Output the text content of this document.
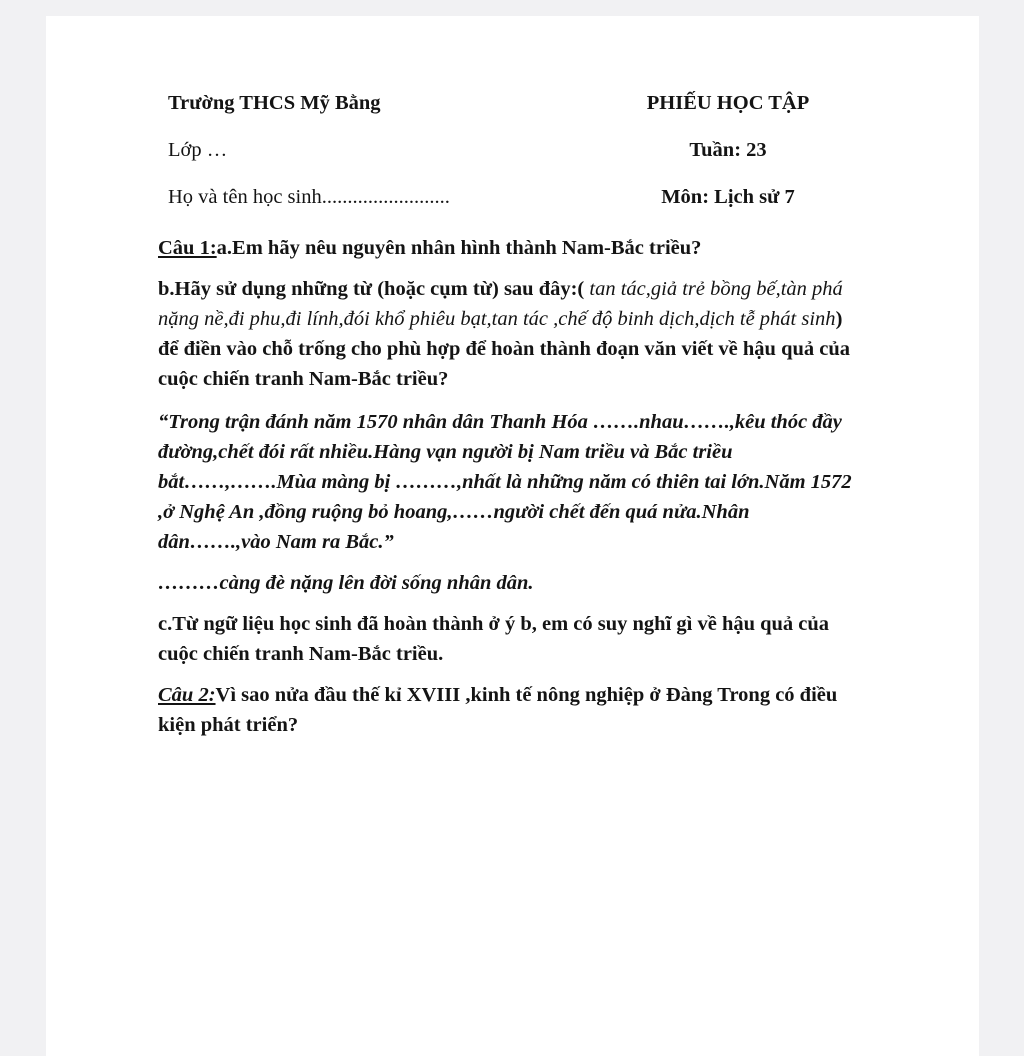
Trường THCS Mỹ Bằng	PHIẾU HỌC TẬP
Lớp …	Tuần: 23
Họ và tên học sinh.........................	Môn: Lịch sử 7

Câu 1:a.Em hãy nêu nguyên nhân hình thành Nam-Bắc triều?

b.Hãy sử dụng những từ (hoặc cụm từ) sau đây:( tan tác,giả trẻ bồng bế,tàn phá nặng nề,đi phu,đi lính,đói khổ phiêu bạt,tan tác ,chế độ binh dịch,dịch tễ phát sinh) để điền vào chỗ trống cho phù hợp để hoàn thành đoạn văn viết về hậu quả của cuộc chiến tranh Nam-Bắc triều?

“Trong trận đánh năm 1570 nhân dân Thanh Hóa …….nhau…….,kêu thóc đầy đường,chết đói rất nhiều.Hàng vạn người bị Nam triều và Bắc triều bắt……,…….Mùa màng bị ………,nhất là những năm có thiên tai lớn.Năm 1572 ,ở Nghệ An ,đồng ruộng bỏ hoang,……người chết đến quá nửa.Nhân dân…….,vào Nam ra Bắc.”

………càng đè nặng lên đời sống nhân dân.

c.Từ ngữ liệu học sinh đã hoàn thành ở ý b, em có suy nghĩ gì về hậu quả của cuộc chiến tranh Nam-Bắc triều.

Câu 2:Vì sao nửa đầu thế kỉ XVIII ,kinh tế nông nghiệp ở Đàng Trong có điều kiện phát triển?
